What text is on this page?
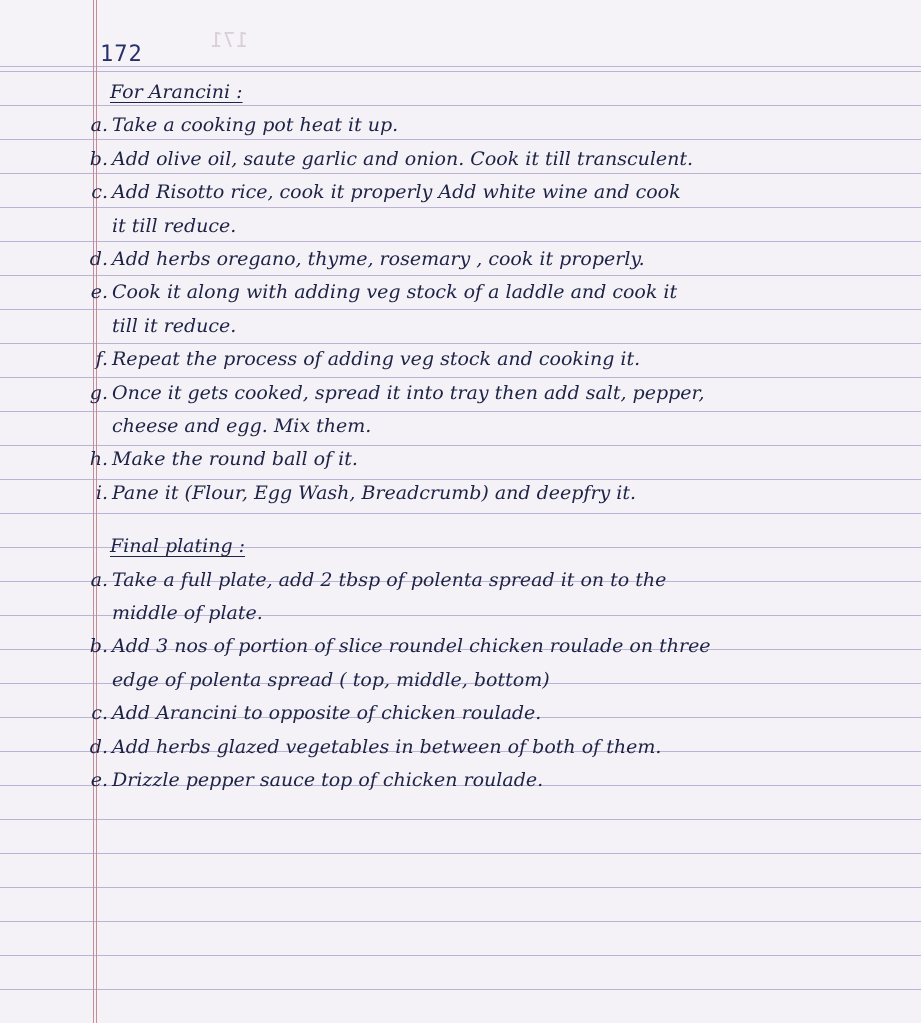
172
171
For Arancini :
a. Take a cooking pot heat it up.
b. Add olive oil, saute garlic and onion. Cook it till transculent.
c. Add Risotto rice, cook it properly Add white wine and cook
it till reduce.
d. Add herbs oregano, thyme, rosemary , cook it properly.
e. Cook it along with adding veg stock of a laddle and cook it
till it reduce.
f. Repeat the process of adding veg stock and cooking it.
g. Once it gets cooked, spread it into tray then add salt, pepper,
cheese and egg. Mix them.
h. Make the round ball of it.
i. Pane it (Flour, Egg Wash, Breadcrumb) and deepfry it.
Final plating :
a. Take a full plate, add 2 tbsp of polenta spread it on to the
middle of plate.
b. Add 3 nos of portion of slice roundel chicken roulade on three
edge of polenta spread ( top, middle, bottom)
c. Add Arancini to opposite of chicken roulade.
d. Add herbs glazed vegetables in between of both of them.
e. Drizzle pepper sauce top of chicken roulade.
